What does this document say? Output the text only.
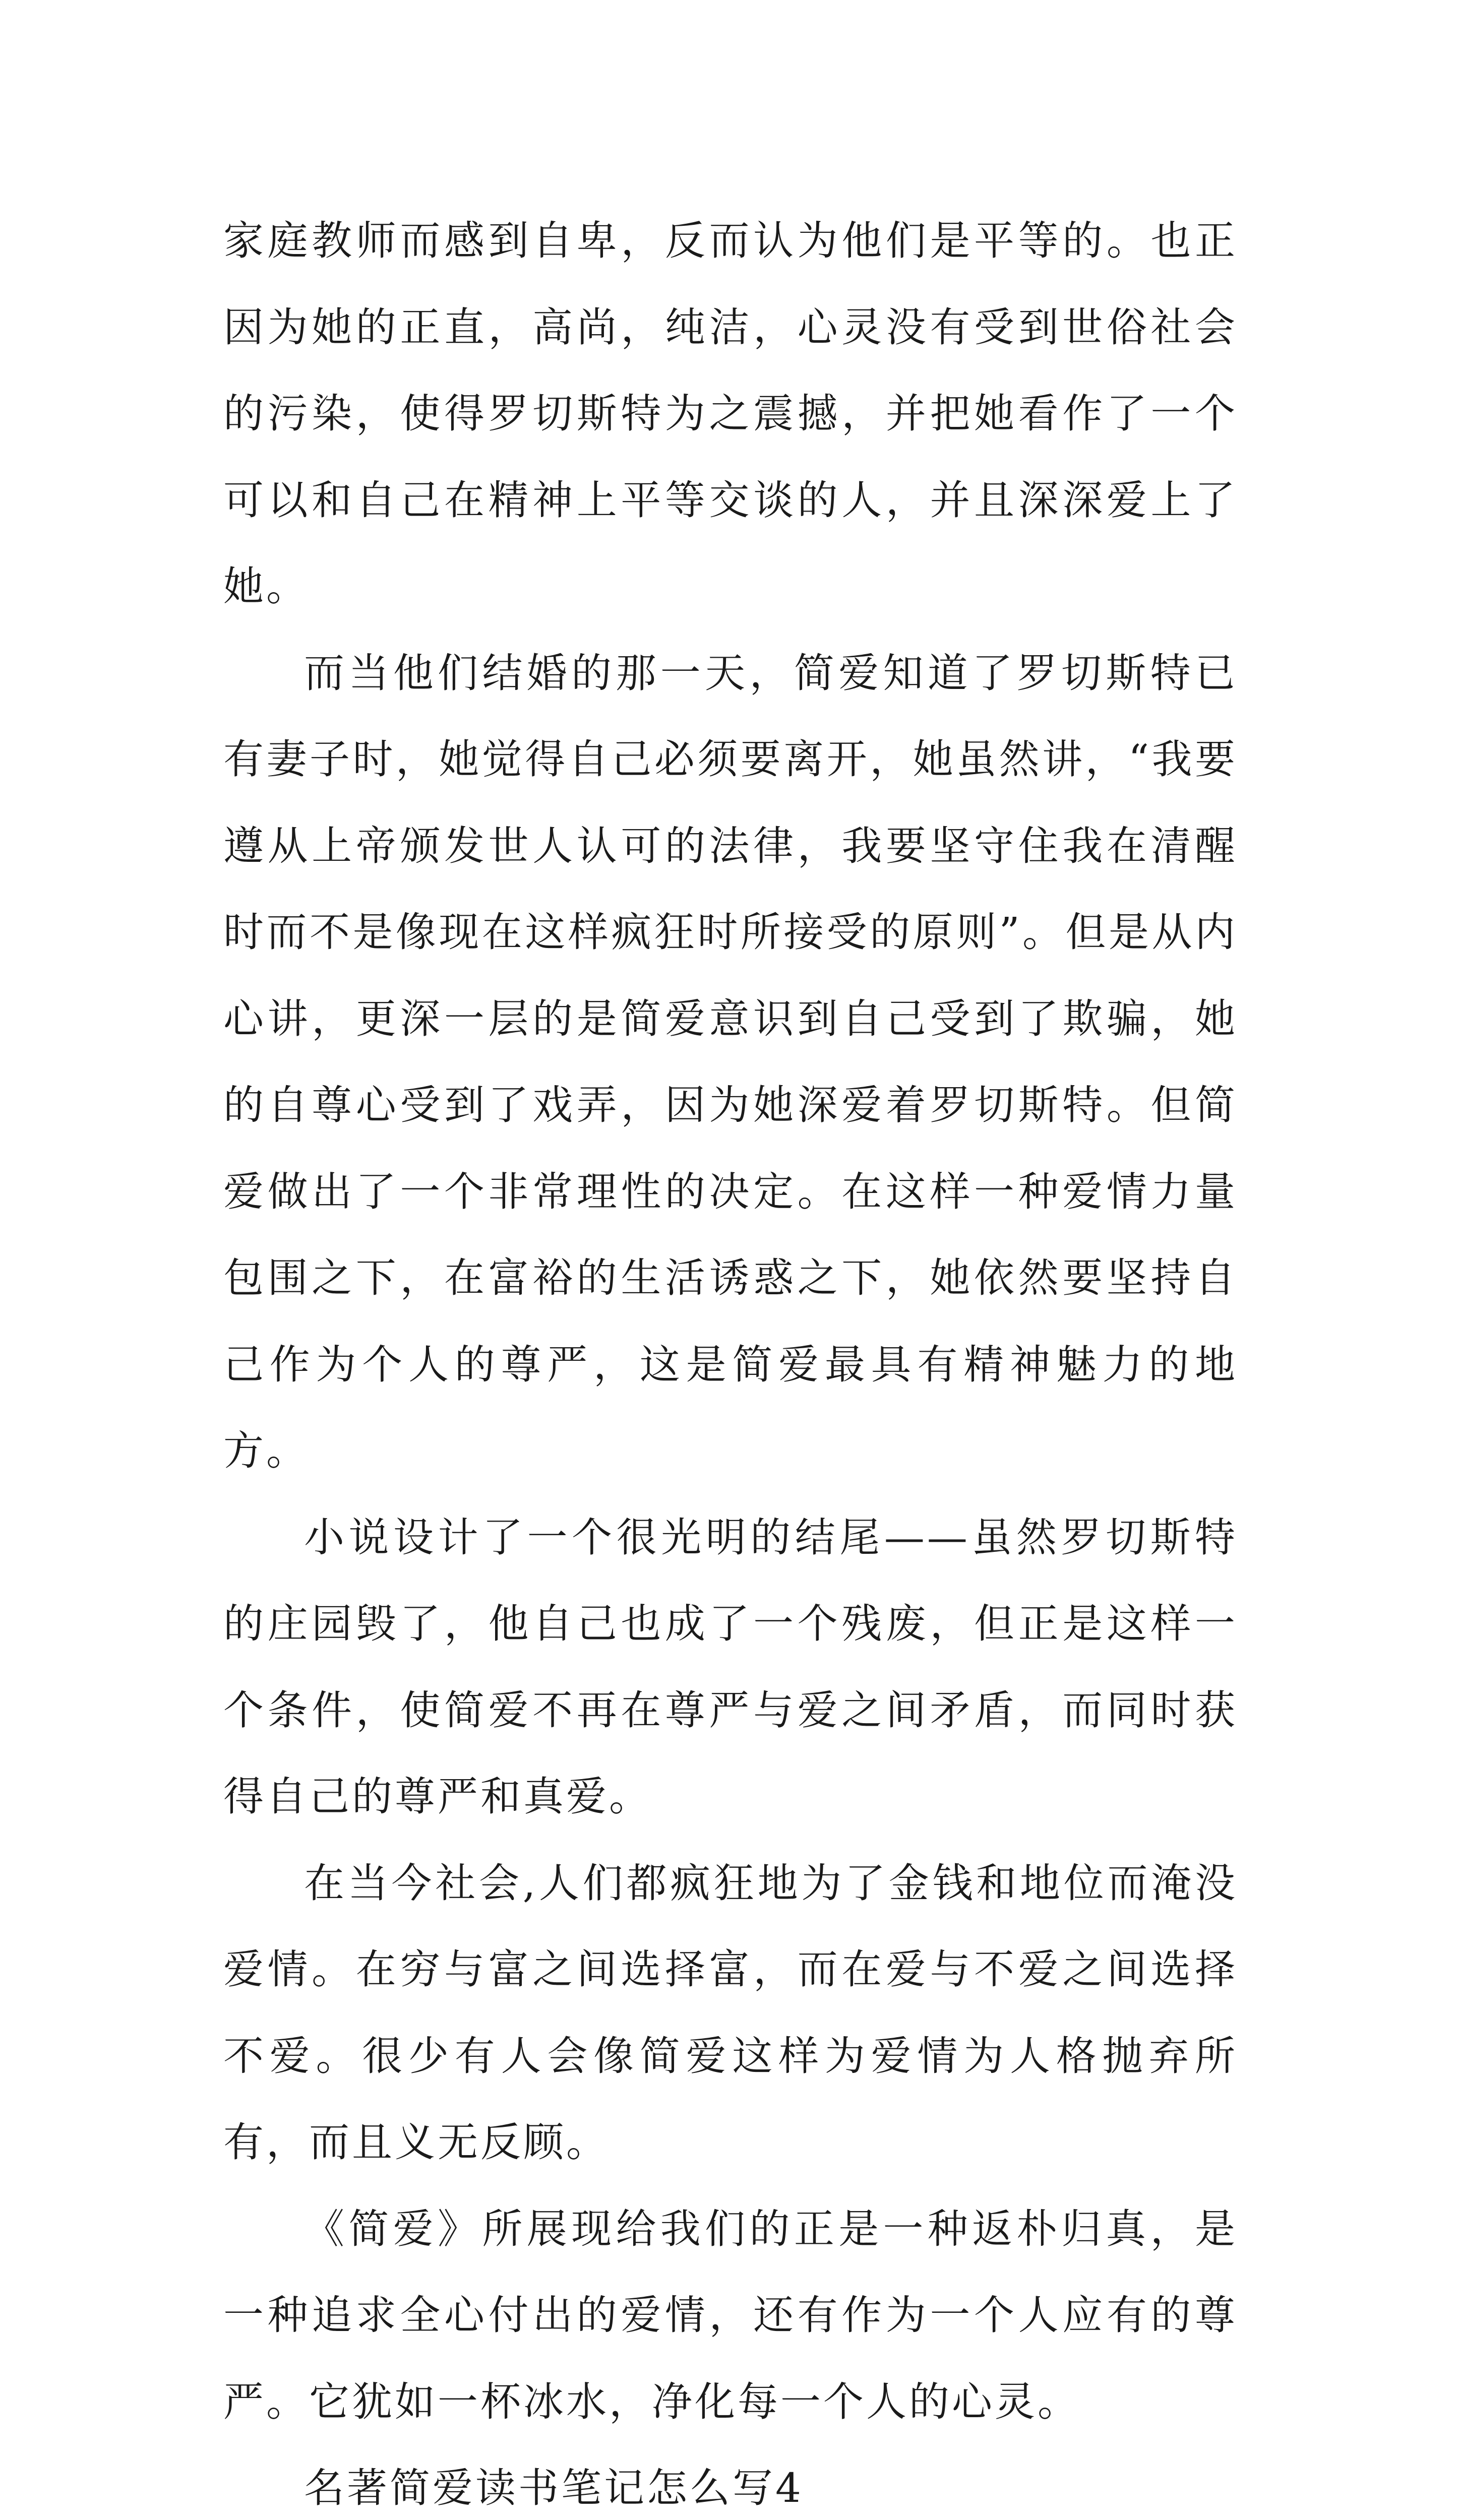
家庭教师而感到自卑，反而认为他们是平等的。也正因为她的正直，高尚，纯洁，心灵没有受到世俗社会的污染，使得罗切斯特为之震撼，并把她看作了一个可以和自己在精神上平等交谈的人，并且深深爱上了她。

而当他们结婚的那一天，简爱知道了罗切斯特已有妻子时，她觉得自己必须要离开，她虽然讲，“我要遵从上帝颁发世人认可的法律，我要坚守住我在清醒时而不是像现在这样疯狂时所接受的原则”。但是从内心讲，更深一层的是简爱意识到自己受到了欺骗，她的自尊心受到了戏弄，因为她深爱着罗切斯特。但简爱做出了一个非常理性的决定。在这样一种爱情力量包围之下，在富裕的生活诱惑之下，她依然要坚持自己作为个人的尊严，这是简爱最具有精神魅力的地方。

小说设计了一个很光明的结尾——虽然罗切斯特的庄园毁了，他自己也成了一个残废，但正是这样一个条件，使简爱不再在尊严与爱之间矛盾，而同时获得自己的尊严和真爱。

在当今社会,人们都疯狂地为了金钱和地位而淹没爱情。在穷与富之间选择富，而在爱与不爱之间选择不爱。很少有人会像简爱这样为爱情为人格抛弃所有，而且义无反顾。

《简爱》所展现给我们的正是一种返朴归真，是一种追求全心付出的爱情，还有作为一个人应有的尊严。它犹如一杯冰水，净化每一个人的心灵。

名著简爱读书笔记怎么写4
